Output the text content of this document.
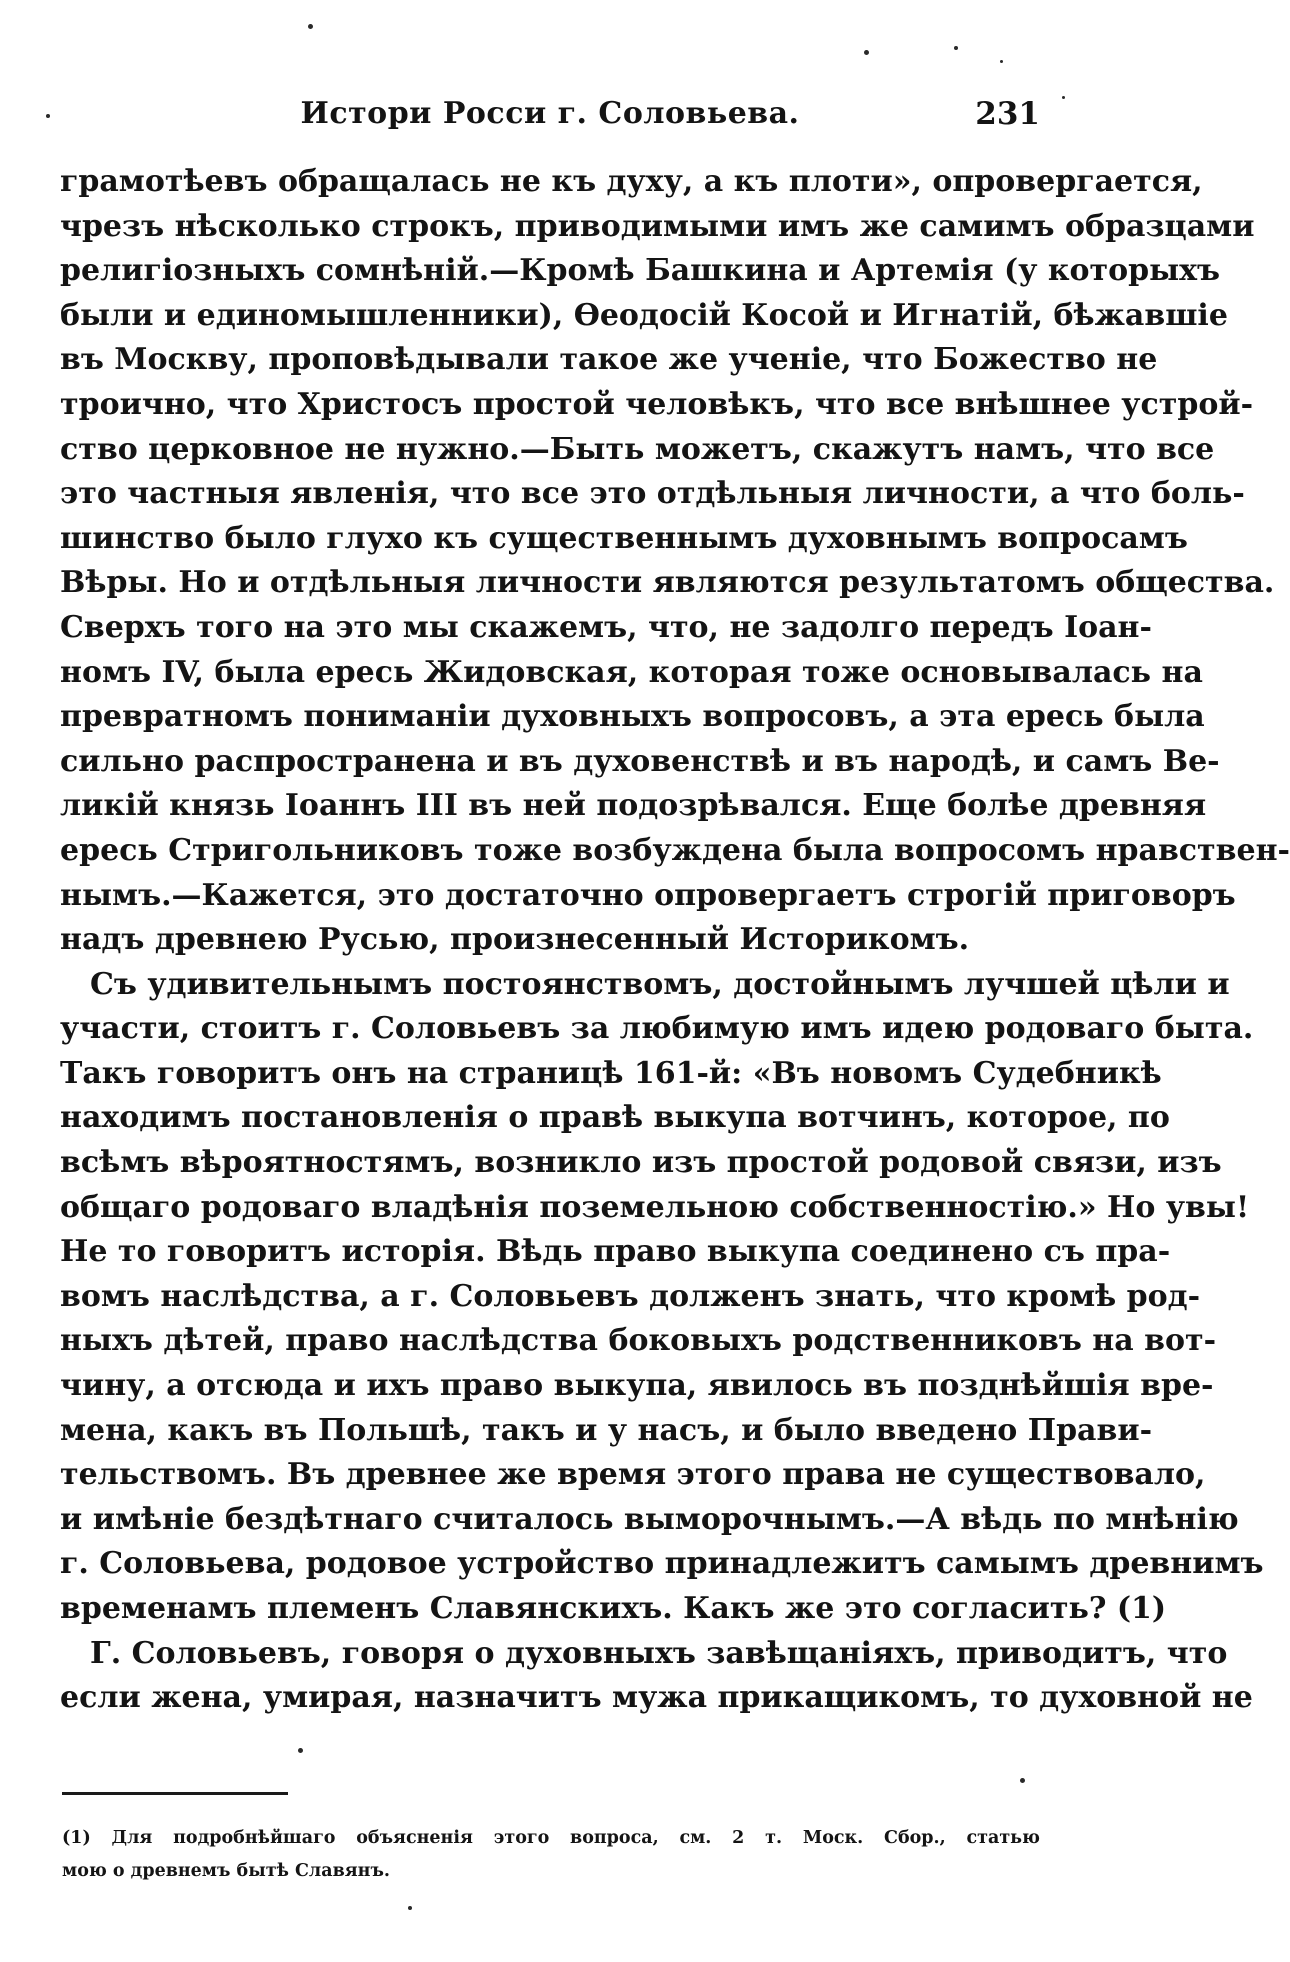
Истори Росси г. Соловьева.	231
грамотѣевъ обращалась не къ духу, а къ плоти», опровергается,
чрезъ нѣсколько строкъ, приводимыми имъ же самимъ образцами
религіозныхъ сомнѣній.—Кромѣ Башкина и Артемія (у которыхъ
были и единомышленники), Ѳеодосій Косой и Игнатій, бѣжавшіе
въ Москву, проповѣдывали такое же ученіе, что Божество не
троично, что Христосъ простой человѣкъ, что все внѣшнее устрой-
ство церковное не нужно.—Быть можетъ, скажутъ намъ, что все
это частныя явленія, что все это отдѣльныя личности, а что боль-
шинство было глухо къ существеннымъ духовнымъ вопросамъ
Вѣры. Но и отдѣльныя личности являются результатомъ общества.
Сверхъ того на это мы скажемъ, что, не задолго передъ Іоан-
номъ IV, была ересь Жидовская, которая тоже основывалась на
превратномъ пониманіи духовныхъ вопросовъ, а эта ересь была
сильно распространена и въ духовенствѣ и въ народѣ, и самъ Ве-
ликій князь Іоаннъ III въ ней подозрѣвался. Еще болѣе древняя
ересь Стригольниковъ тоже возбуждена была вопросомъ нравствен-
нымъ.—Кажется, это достаточно опровергаетъ строгій приговоръ
надъ древнею Русью, произнесенный Историкомъ.
Съ удивительнымъ постоянствомъ, достойнымъ лучшей цѣли и
участи, стоитъ г. Соловьевъ за любимую имъ идею родоваго быта.
Такъ говоритъ онъ на страницѣ 161-й: «Въ новомъ Судебникѣ
находимъ постановленія о правѣ выкупа вотчинъ, которое, по
всѣмъ вѣроятностямъ, возникло изъ простой родовой связи, изъ
общаго родоваго владѣнія поземельною собственностію.» Но увы!
Не то говоритъ исторія. Вѣдь право выкупа соединено съ пра-
вомъ наслѣдства, а г. Соловьевъ долженъ знать, что кромѣ род-
ныхъ дѣтей, право наслѣдства боковыхъ родственниковъ на вот-
чину, а отсюда и ихъ право выкупа, явилось въ позднѣйшія вре-
мена, какъ въ Польшѣ, такъ и у насъ, и было введено Прави-
тельствомъ. Въ древнее же время этого права не существовало,
и имѣніе бездѣтнаго считалось выморочнымъ.—А вѣдь по мнѣнію
г. Соловьева, родовое устройство принадлежитъ самымъ древнимъ
временамъ племенъ Славянскихъ. Какъ же это согласить? (1)
Г. Соловьевъ, говоря о духовныхъ завѣщаніяхъ, приводитъ, что
если жена, умирая, назначитъ мужа прикащикомъ, то духовной не
(1) Для подробнѣйшаго объясненія этого вопроса, см. 2 т. Моск. Сбор., статью
мою о древнемъ бытѣ Славянъ.
